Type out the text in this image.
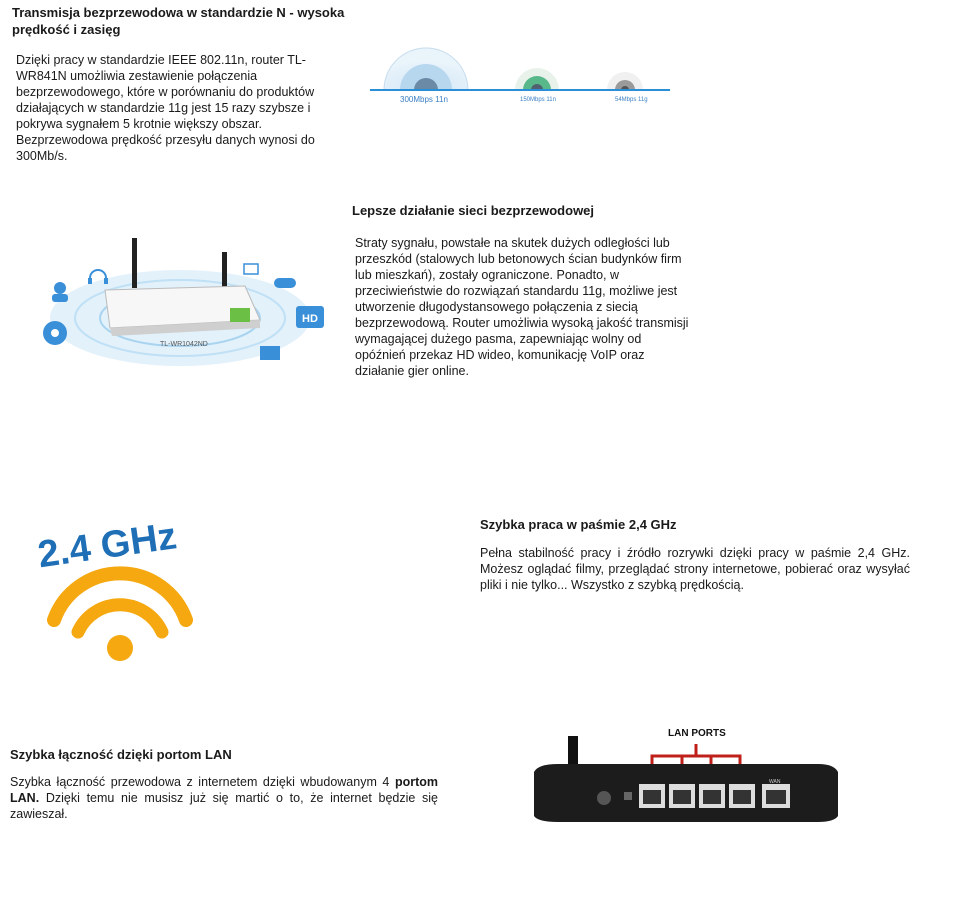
Transmisja bezprzewodowa w standardzie N - wysoka prędkość i zasięg

Dzięki pracy w standardzie IEEE 802.11n, router TL-WR841N umożliwia zestawienie połączenia bezprzewodowego, które w porównaniu do produktów działających w standardzie 11g jest 15 razy szybsze i pokrywa sygnałem 5 krotnie większy obszar. Bezprzewodowa prędkość przesyłu danych wynosi do 300Mb/s.

300Mbps 11n	150Mbps 11n	54Mbps 11g
TL-WR1042ND
HD
Lepsze działanie sieci bezprzewodowej

Straty sygnału, powstałe na skutek dużych odległości lub przeszkód (stalowych lub betonowych ścian budynków firm lub mieszkań), zostały ograniczone. Ponadto, w przeciwieństwie do rozwiązań standardu 11g, możliwe jest utworzenie długodystansowego połączenia z siecią bezprzewodową. Router umożliwia wysoką jakość transmisji wymagającej dużego pasma, zapewniając wolny od opóźnień przekaz HD wideo, komunikację VoIP oraz działanie gier online.

2.4 GHz	Szybka praca w paśmie 2,4 GHz

Pełna stabilność pracy i źródło rozrywki dzięki pracy w paśmie 2,4 GHz. Możesz oglądać filmy, przeglądać strony internetowe, pobierać oraz wysyłać pliki i nie tylko... Wszystko z szybką prędkością.

Szybka łączność dzięki portom LAN

Szybka łączność przewodowa z internetem dzięki wbudowanym 4 portom LAN. Dzięki temu nie musisz już się martić o to, że internet będzie się zawieszał.

LAN PORTS
WAN
